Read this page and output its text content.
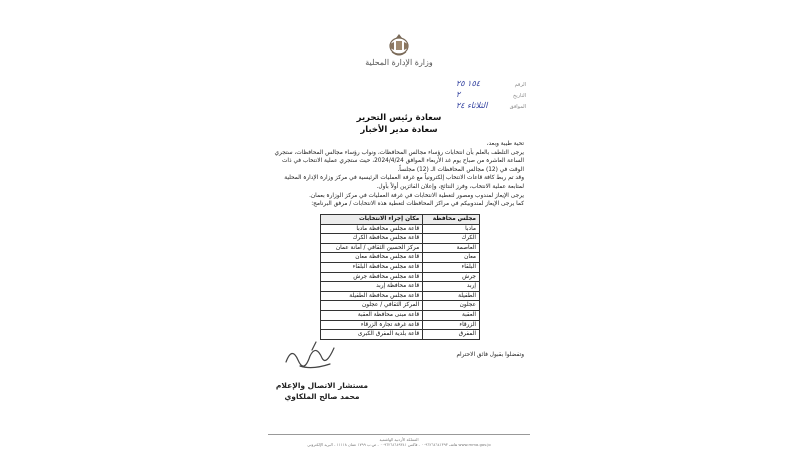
وزارة الإدارة المحلية
الرقم
١٥٤ ٢٥
التاريخ
٢
الموافق
الثلاثاء ٢٤
سعادة رئيس التحرير
سعادة مدير الأخبار

تحية طيبة وبعد،

يرجى التلطف بالعلم بأن انتخابات رؤساء مجالس المحافظات، ونواب رؤساء مجالس المحافظات، ستجري الساعة العاشرة من صباح يوم غد الأربعاء الموافق 2024/4/24، حيث ستجري عملية الانتخاب في ذات الوقت في (12) مجالس المحافظات الـ (12) مجلساً.

وقد تم ربط كافة قاعات الانتخاب إلكترونياً مع غرفة العمليات الرئيسية في مركز وزارة الإدارة المحلية لمتابعة عملية الانتخاب، وفرز النتائج، وإعلان الفائزين أولاً بأول.

يرجى الإيعاز لمندوب ومصور لتغطية الانتخابات في غرفة العمليات في مركز الوزارة بعمان.

كما يرجى الإيعاز لمندوبيكم في مراكز المحافظات لتغطية هذه الانتخابات / مرفق البرنامج:

مجلس محافظة	مكان إجراء الانتخابات
مادبا	قاعة مجلس محافظة مادبا
الكرك	قاعة مجلس محافظة الكرك
العاصمة	مركز الحسين الثقافي / أمانة عمان
معان	قاعة مجلس محافظة معان
البلقاء	قاعة مجلس محافظة البلقاء
جرش	قاعة مجلس محافظة جرش
إربد	قاعة محافظة إربد
الطفيلة	قاعة مجلس محافظة الطفيلة
عجلون	المركز الثقافي / عجلون
العقبة	قاعة مبنى محافظة العقبة
الزرقاء	قاعة غرفة تجارة الزرقاء
المفرق	قاعة بلدية المفرق الكبرى
وتفضلوا بقبول فائق الاحترام
مستشار الاتصال والإعلام
محمد صالح الملكاوي
المملكة الأردنية الهاشمية
www.mma.gov.jo هاتف ٠٠٩٦٢٦٤٦٤١٣٩٣ - فاكس ٠٠٩٦٢٦٤٦٤٩٣٤١ - ص.ب ١٧٩٩ عمان ١١١١٨ - البريد الإلكتروني
